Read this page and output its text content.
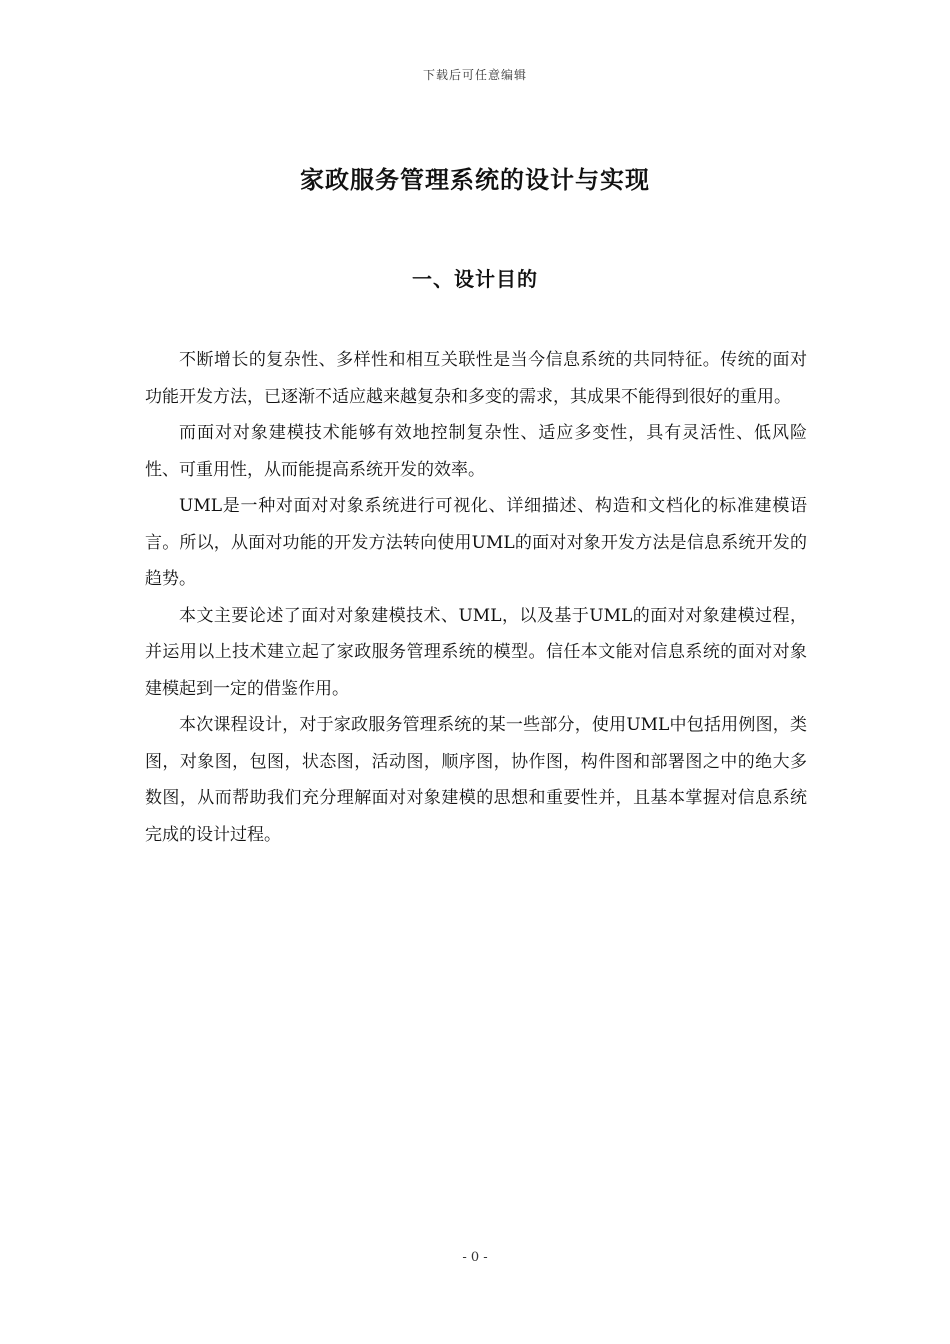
下载后可任意编辑
家政服务管理系统的设计与实现
一、设计目的

不断增长的复杂性、多样性和相互关联性是当今信息系统的共同特征。传统的面对功能开发方法，已逐渐不适应越来越复杂和多变的需求，其成果不能得到很好的重用。

而面对对象建模技术能够有效地控制复杂性、适应多变性，具有灵活性、低风险性、可重用性，从而能提高系统开发的效率。

UML是一种对面对对象系统进行可视化、详细描述、构造和文档化的标准建模语言。所以，从面对功能的开发方法转向使用UML的面对对象开发方法是信息系统开发的趋势。

本文主要论述了面对对象建模技术、UML，以及基于UML的面对对象建模过程，并运用以上技术建立起了家政服务管理系统的模型。信任本文能对信息系统的面对对象建模起到一定的借鉴作用。

本次课程设计，对于家政服务管理系统的某一些部分，使用UML中包括用例图，类图，对象图，包图，状态图，活动图，顺序图，协作图，构件图和部署图之中的绝大多数图，从而帮助我们充分理解面对对象建模的思想和重要性并，且基本掌握对信息系统完成的设计过程。

- 0 -
